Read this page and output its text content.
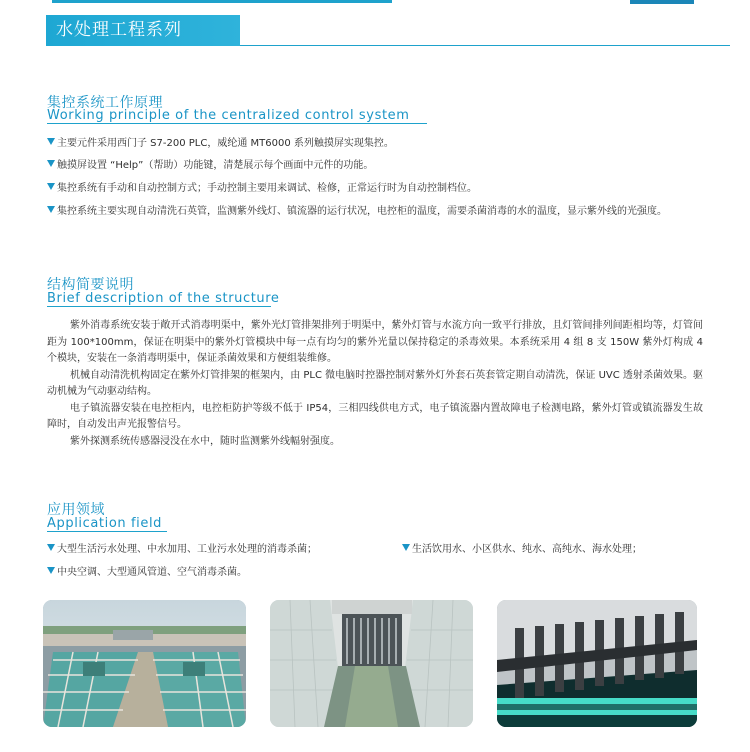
水处理工程系列
集控系统工作原理
Working principle of the centralized control system
主要元件采用西门子 S7-200 PLC，威纶通 MT6000 系列触摸屏实现集控。
触摸屏设置 “Help”（帮助）功能键，清楚展示每个画面中元件的功能。
集控系统有手动和自动控制方式；手动控制主要用来调试、检修，正常运行时为自动控制档位。
集控系统主要实现自动清洗石英管，监测紫外线灯、镇流器的运行状况，电控柜的温度，需要杀菌消毒的水的温度，显示紫外线的光强度。
结构简要说明
Brief description of the structure

紫外消毒系统安装于敞开式消毒明渠中，紫外光灯管排架排列于明渠中，紫外灯管与水流方向一致平行排放，且灯管间排列间距相均等，灯管间距为 100*100mm，保证在明渠中的紫外灯管模块中每一点有均匀的紫外光量以保持稳定的杀毒效果。本系统采用 4 组 8 支 150W 紫外灯构成 4 个模块，安装在一条消毒明渠中，保证杀菌效果和方便组装维修。

机械自动清洗机构固定在紫外灯管排架的框架内，由 PLC 微电脑时控器控制对紫外灯外套石英套管定期自动清洗，保证 UVC 透射杀菌效果。驱动机械为气动驱动结构。

电子镇流器安装在电控柜内，电控柜防护等级不低于 IP54，三相四线供电方式，电子镇流器内置故障电子检测电路，紫外灯管或镇流器发生故障时，自动发出声光报警信号。

紫外探测系统传感器浸没在水中，随时监测紫外线幅射强度。

应用领域
Application field
大型生活污水处理、中水加用、工业污水处理的消毒杀菌；	生活饮用水、小区供水、纯水、高纯水、海水处理；
中央空调、大型通风管道、空气消毒杀菌。
